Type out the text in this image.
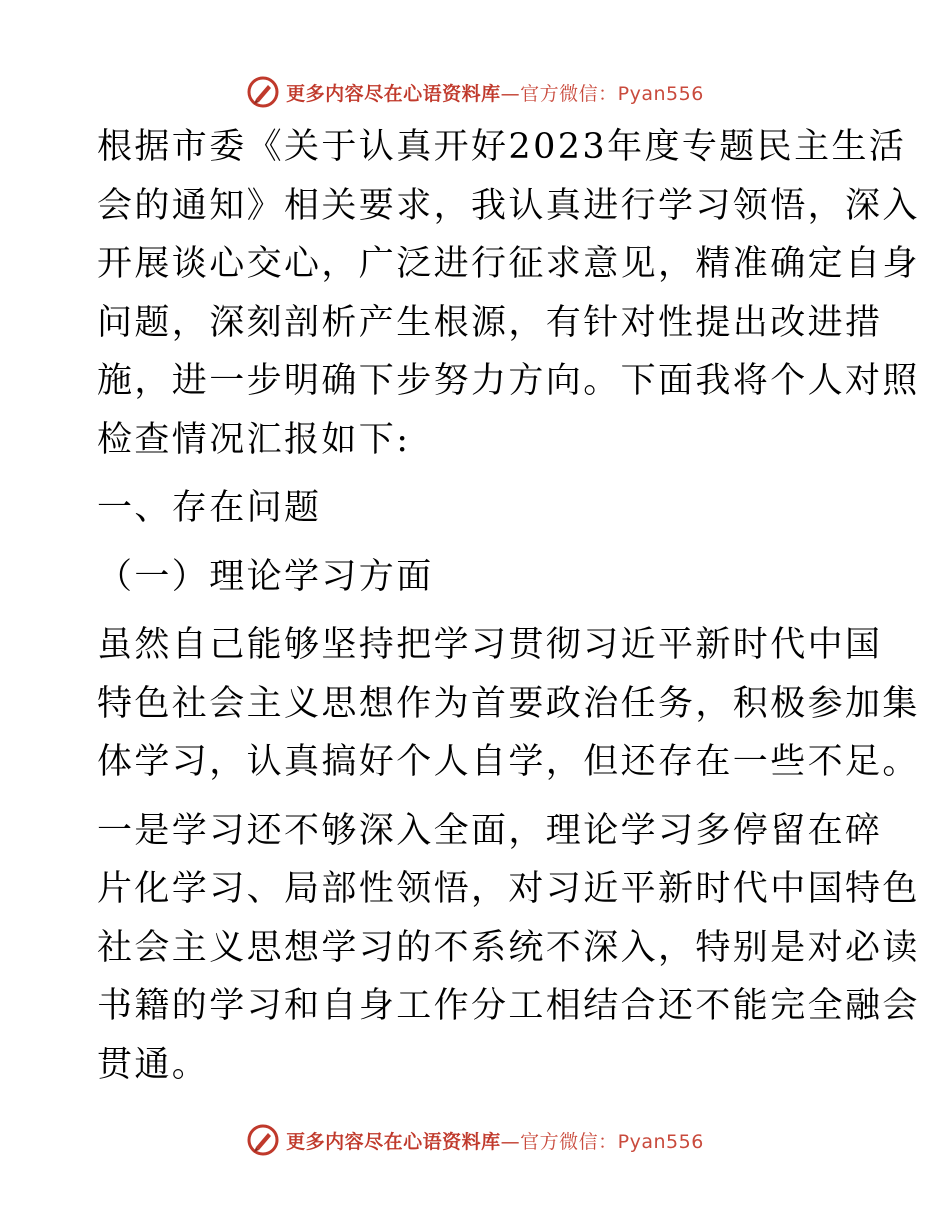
更多内容尽在心语资料库—官方微信：Pyan556

根据市委《关于认真开好2023年度专题民主生活
会的通知》相关要求，我认真进行学习领悟，深入
开展谈心交心，广泛进行征求意见，精准确定自身
问题，深刻剖析产生根源，有针对性提出改进措
施，进一步明确下步努力方向。下面我将个人对照
检查情况汇报如下:

一、存在问题

（一）理论学习方面

虽然自己能够坚持把学习贯彻习近平新时代中国
特色社会主义思想作为首要政治任务，积极参加集
体学习，认真搞好个人自学，但还存在一些不足。

一是学习还不够深入全面，理论学习多停留在碎
片化学习、局部性领悟，对习近平新时代中国特色
社会主义思想学习的不系统不深入，特别是对必读
书籍的学习和自身工作分工相结合还不能完全融会
贯通。

更多内容尽在心语资料库—官方微信：Pyan556
